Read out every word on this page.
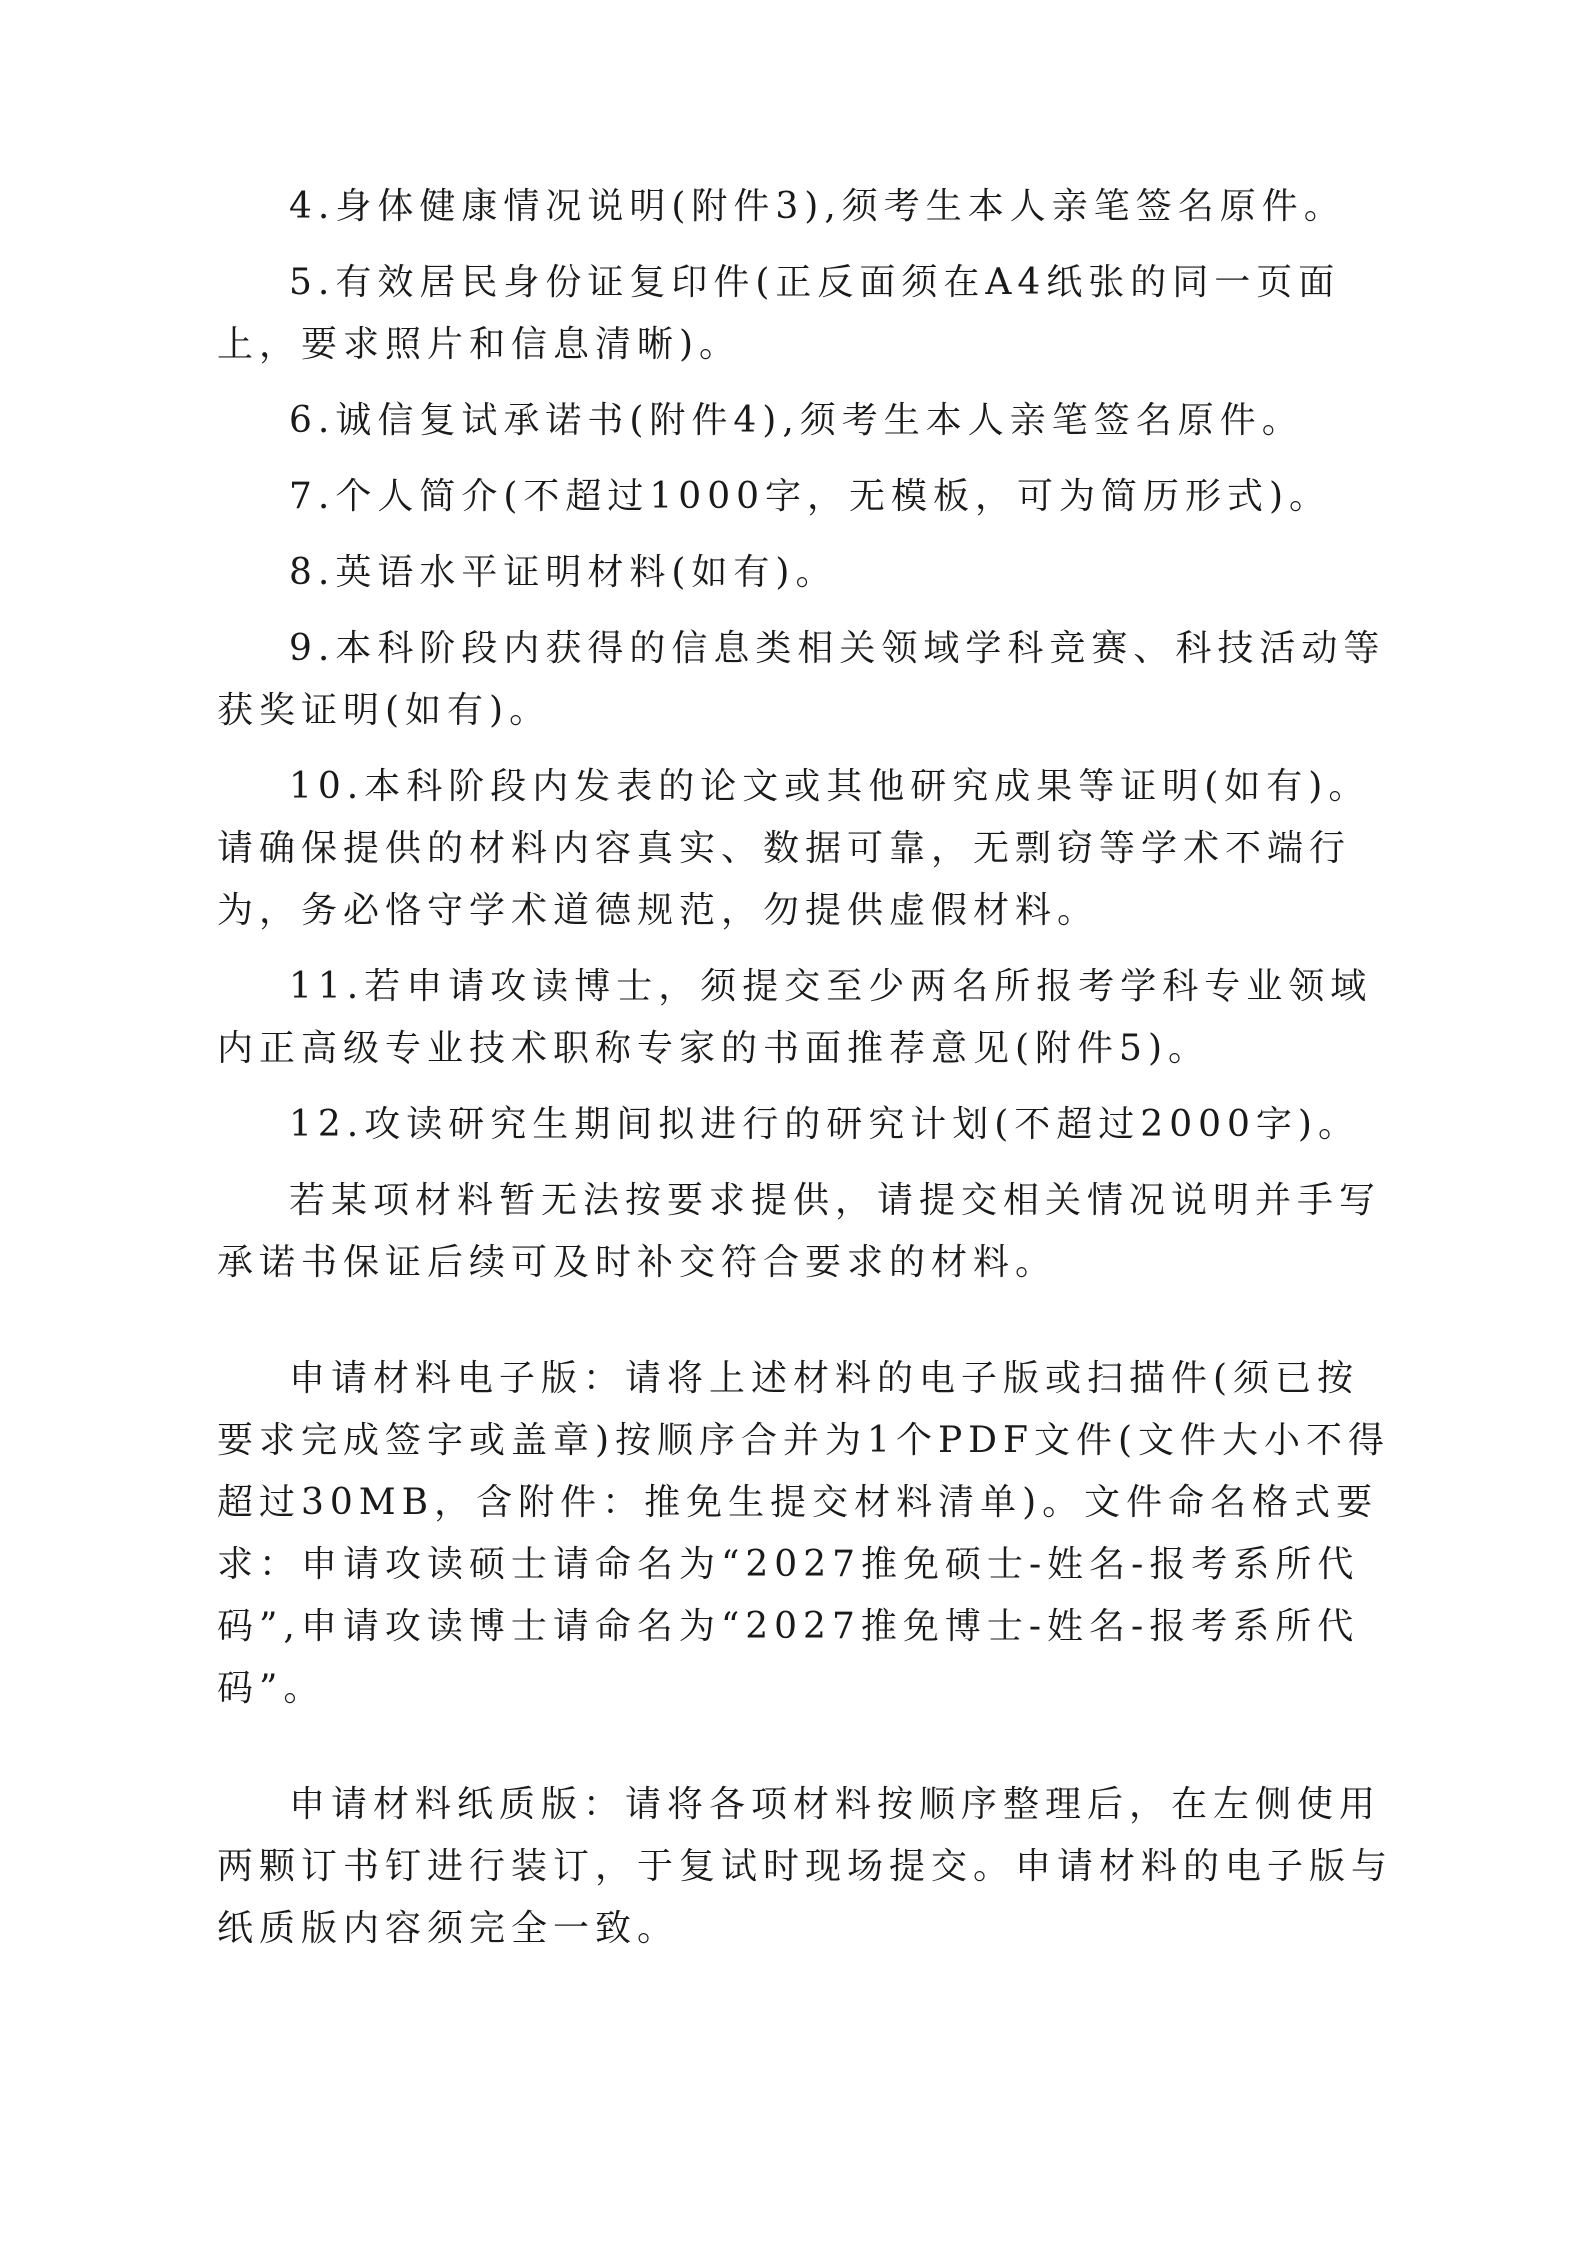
4.身体健康情况说明(附件3),须考生本人亲笔签名原件。

5.有效居民身份证复印件(正反面须在A4纸张的同一页面上，要求照片和信息清晰)。

6.诚信复试承诺书(附件4),须考生本人亲笔签名原件。

7.个人简介(不超过1000字，无模板，可为简历形式)。

8.英语水平证明材料(如有)。

9.本科阶段内获得的信息类相关领域学科竞赛、科技活动等获奖证明(如有)。

10.本科阶段内发表的论文或其他研究成果等证明(如有)。请确保提供的材料内容真实、数据可靠，无剽窃等学术不端行为，务必恪守学术道德规范，勿提供虚假材料。

11.若申请攻读博士，须提交至少两名所报考学科专业领域内正高级专业技术职称专家的书面推荐意见(附件5)。

12.攻读研究生期间拟进行的研究计划(不超过2000字)。

若某项材料暂无法按要求提供，请提交相关情况说明并手写承诺书保证后续可及时补交符合要求的材料。

申请材料电子版：请将上述材料的电子版或扫描件(须已按要求完成签字或盖章)按顺序合并为1个PDF文件(文件大小不得超过30MB，含附件：推免生提交材料清单)。文件命名格式要求：申请攻读硕士请命名为“2027推免硕士-姓名-报考系所代码”,申请攻读博士请命名为“2027推免博士-姓名-报考系所代码”。

申请材料纸质版：请将各项材料按顺序整理后，在左侧使用两颗订书钉进行装订，于复试时现场提交。申请材料的电子版与纸质版内容须完全一致。
